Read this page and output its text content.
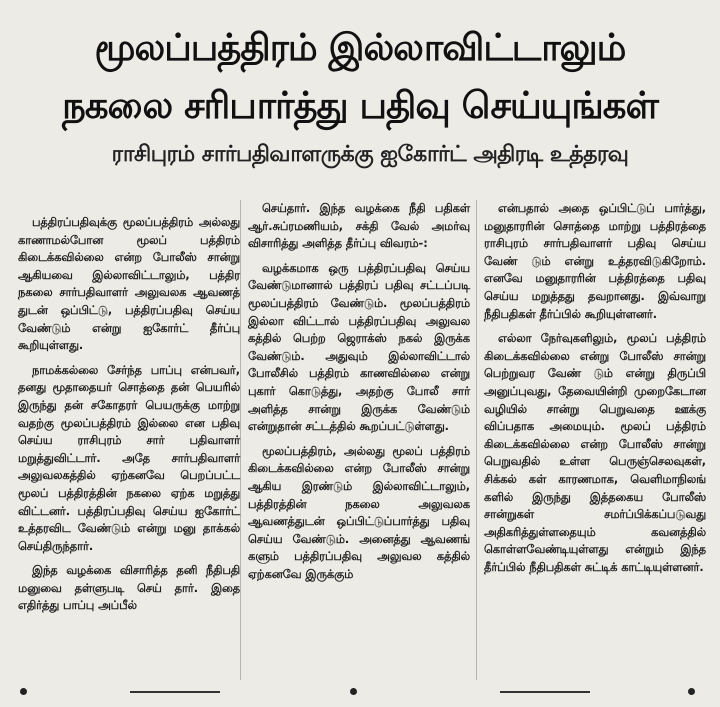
மூலப்பத்திரம் இல்லாவிட்டாலும்
நகலை சரிபார்த்து பதிவு செய்யுங்கள்
ராசிபுரம் சார்பதிவாளருக்கு ஐகோர்ட் அதிரடி உத்தரவு

பத்திரப்பதிவுக்கு மூலப்பத்திரம் அல்லது காணாமல்போன மூலப் பத்திரம் கிடைக்கவில்லை என்ற போலீஸ் சான்று ஆகியவை இல்லாவிட்டாலும், பத்திர நகலை சார்பதிவாளர் அலுவலக ஆவணத் துடன் ஒப்பிட்டு, பத்திரப்பதிவு செய்ய வேண்டும் என்று ஐகோர்ட் தீர்ப்பு கூறியுள்ளது.

நாமக்கல்லை சேர்ந்த பாப்பு என்பவர், தனது மூதாதையர் சொத்தை தன் பெயரில் இருந்து தன் சகோதரர் பெயருக்கு மாற்று வதற்கு மூலப்பத்திரம் இல்லை என பதிவு செய்ய ராசிபுரம் சார் பதிவாளர் மறுத்துவிட்டார். அதே சார்பதிவாளர் அலுவலகத்தில் ஏற்கனவே பெறப்பட்ட மூலப் பத்திரத்தின் நகலை ஏற்க மறுத்து விட்டனர். பத்திரப்பதிவு செய்ய ஐகோர்ட் உத்தரவிட வேண்டும் என்று மனு தாக்கல் செய்திருந்தார்.

இந்த வழக்கை விசாரித்த தனி நீதிபதி மனுவை தள்ளுபடி செய் தார். இதை எதிர்த்து பாப்பு அப்பீல்

செய்தார். இந்த வழக்கை நீதி பதிகள் ஆர்.சுப்ரமணியம், சக்தி வேல் அமர்வு விசாரித்து அளித்த தீர்ப்பு விவரம்-:

வழக்கமாக ஒரு பத்திரப்பதிவு செய்ய வேண்டுமானால் பத்திரப் பதிவு சட்டப்படி மூலப்பத்திரம் வேண்டும். மூலப்பத்திரம் இல்லா விட்டால் பத்திரப்பதிவு அலுவல கத்தில் பெற்ற ஜெராக்ஸ் நகல் இருக்க வேண்டும். அதுவும் இல்லாவிட்டால் போலீசில் பத்திரம் காணவில்லை என்று புகார் கொடுத்து, அதற்கு போலீ சார் அளித்த சான்று இருக்க வேண்டும் என்றுதான் சட்டத்தில் கூறப்பட்டுள்ளது.

மூலப்பத்திரம், அல்லது மூலப் பத்திரம் கிடைக்கவில்லை என்ற போலீஸ் சான்று ஆகிய இரண்டும் இல்லாவிட்டாலும், பத்திரத்தின் நகலை அலுவலக ஆவணத்துடன் ஒப்பிட்டுப்பார்த்து பதிவு செய்ய வேண்டும். அனைத்து ஆவணங் களும் பத்திரப்பதிவு அலுவல கத்தில் ஏற்கனவே இருக்கும்

என்பதால் அதை ஒப்பிட்டுப் பார்த்து, மனுதாரரின் சொத்தை மாற்று பத்திரத்தை ராசிபுரம் சார்பதிவாளர் பதிவு செய்ய வேண் டும் என்று உத்தரவிடுகிறோம். எனவே மனுதாரரின் பத்திரத்தை பதிவு செய்ய மறுத்தது தவறானது. இவ்வாறு நீதிபதிகள் தீர்ப்பில் கூறியுள்ளனர்.

எல்லா நேர்வுகளிலும், மூலப் பத்திரம் கிடைக்கவில்லை என்று போலீஸ் சான்று பெற்றுவர வேண் டும் என்று திருப்பி அனுப்புவது, தேவையின்றி முறைகேடான வழியில் சான்று பெறுவதை ஊக்கு விப்பதாக அமையும். மூலப் பத்திரம் கிடைக்கவில்லை என்ற போலீஸ் சான்று பெறுவதில் உள்ள பெருஞ்செலவுகள், சிக்கல் கள் காரணமாக, வெளிமாநிலங் களில் இருந்து இத்தகைய போலீஸ் சான்றுகள் சமர்ப்பிக்கப்படுவது அதிகரித்துள்ளதையும் கவனத்தில் கொள்ளவேண்டியுள்ளது என்றும் இந்த தீர்ப்பில் நீதிபதிகள் சுட்டிக் காட்டியுள்ளனர்.
